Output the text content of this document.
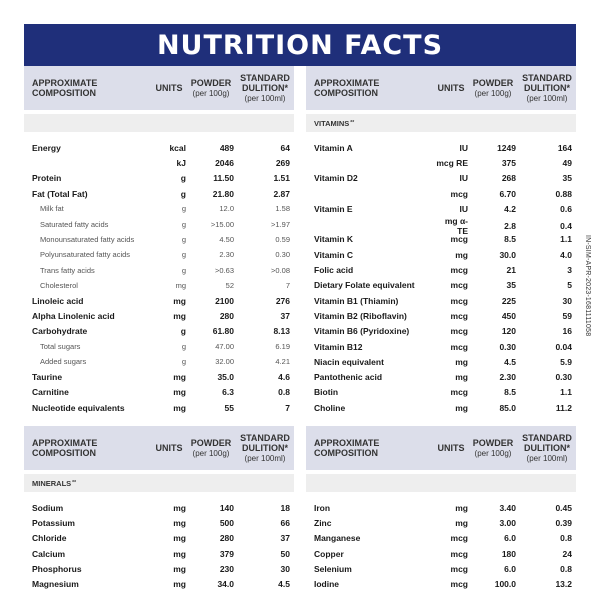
NUTRITION FACTS
APPROXIMATE COMPOSITION	UNITS
POWDER
(per 100g)
STANDARD
DULITION*
(per 100ml)
Energy	kcal	489	64
kJ	2046	269
Protein	g	11.50	1.51
Fat (Total Fat)	g	21.80	2.87
Milk fat	g	12.0	1.58
Saturated fatty acids	g	>15.00	>1.97
Monounsaturated fatty acids	g	4.50	0.59
Polyunsaturated fatty acids	g	2.30	0.30
Trans fatty acids	g	>0.63	>0.08
Cholesterol	mg	52	7
Linoleic acid	mg	2100	276
Alpha Linolenic acid	mg	280	37
Carbohydrate	g	61.80	8.13
Total sugars	g	47.00	6.19
Added sugars	g	32.00	4.21
Taurine	mg	35.0	4.6
Carnitine	mg	6.3	0.8
Nucleotide equivalents	mg	55	7
APPROXIMATE COMPOSITION	UNITS
POWDER
(per 100g)
STANDARD
DULITION*
(per 100ml)
VITAMINS **
Vitamin A	IU	1249	164
mcg RE	375	49
Vitamin D2	IU	268	35
mcg	6.70	0.88
Vitamin E	IU	4.2	0.6
mg α-TE	2.8	0.4
Vitamin K	mcg	8.5	1.1
Vitamin C	mg	30.0	4.0
Folic acid	mcg	21	3
Dietary Folate equivalent	mcg	35	5
Vitamin B1 (Thiamin)	mcg	225	30
Vitamin B2 (Riboflavin)	mcg	450	59
Vitamin B6 (Pyridoxine)	mcg	120	16
Vitamin B12	mcg	0.30	0.04
Niacin equivalent	mg	4.5	5.9
Pantothenic acid	mg	2.30	0.30
Biotin	mcg	8.5	1.1
Choline	mg	85.0	11.2
APPROXIMATE COMPOSITION	UNITS
POWDER
(per 100g)
STANDARD
DULITION*
(per 100ml)
MINERALS **
Sodium	mg	140	18
Potassium	mg	500	66
Chloride	mg	280	37
Calcium	mg	379	50
Phosphorus	mg	230	30
Magnesium	mg	34.0	4.5
APPROXIMATE COMPOSITION	UNITS
POWDER
(per 100g)
STANDARD
DULITION*
(per 100ml)
Iron	mg	3.40	0.45
Zinc	mg	3.00	0.39
Manganese	mcg	6.0	0.8
Copper	mcg	180	24
Selenium	mcg	6.0	0.8
Iodine	mcg	100.0	13.2
IN-SIM-APR-2023-1681111058
